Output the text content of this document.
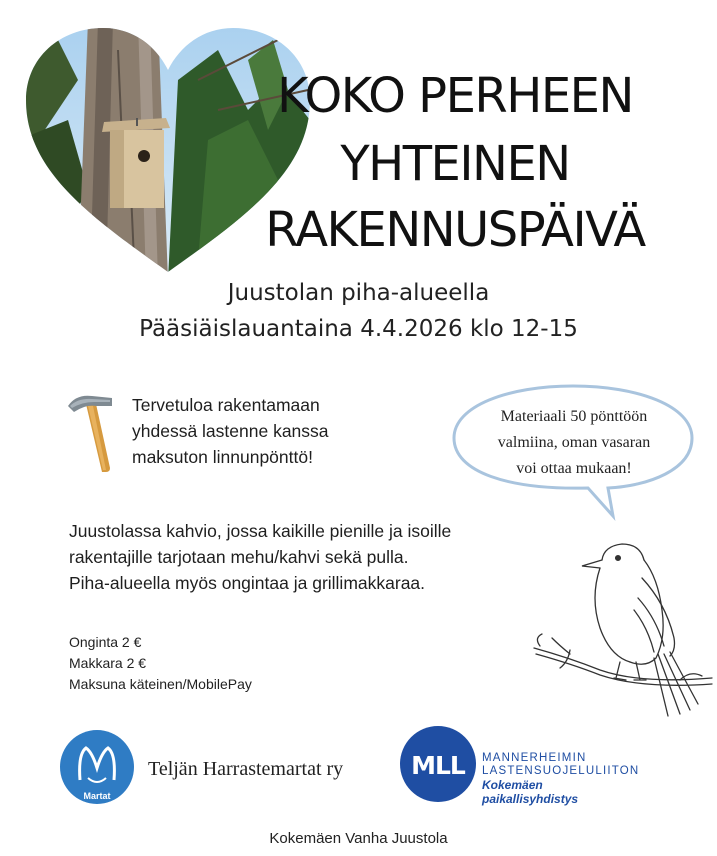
KOKO PERHEEN
YHTEINEN
RAKENNUSPÄIVÄ
Juustolan piha-alueella
Pääsiäislauantaina 4.4.2026 klo 12-15
Tervetuloa rakentamaan
yhdessä lastenne kanssa
maksuton linnunpönttö!
Materiaali 50 pönttöön
valmiina, oman vasaran
voi ottaa mukaan!
Juustolassa kahvio, jossa kaikille pienille ja isoille
rakentajille tarjotaan mehu/kahvi sekä pulla.
Piha-alueella myös ongintaa ja grillimakkaraa.
Onginta 2 €
Makkara 2 €
Maksuna käteinen/MobilePay
Martat
Teljän Harrastemartat ry	MLL MANNERHEIMIN
LASTENSUOJELULIITON
Kokemäen
paikallisyhdistys
Kokemäen Vanha Juustola
